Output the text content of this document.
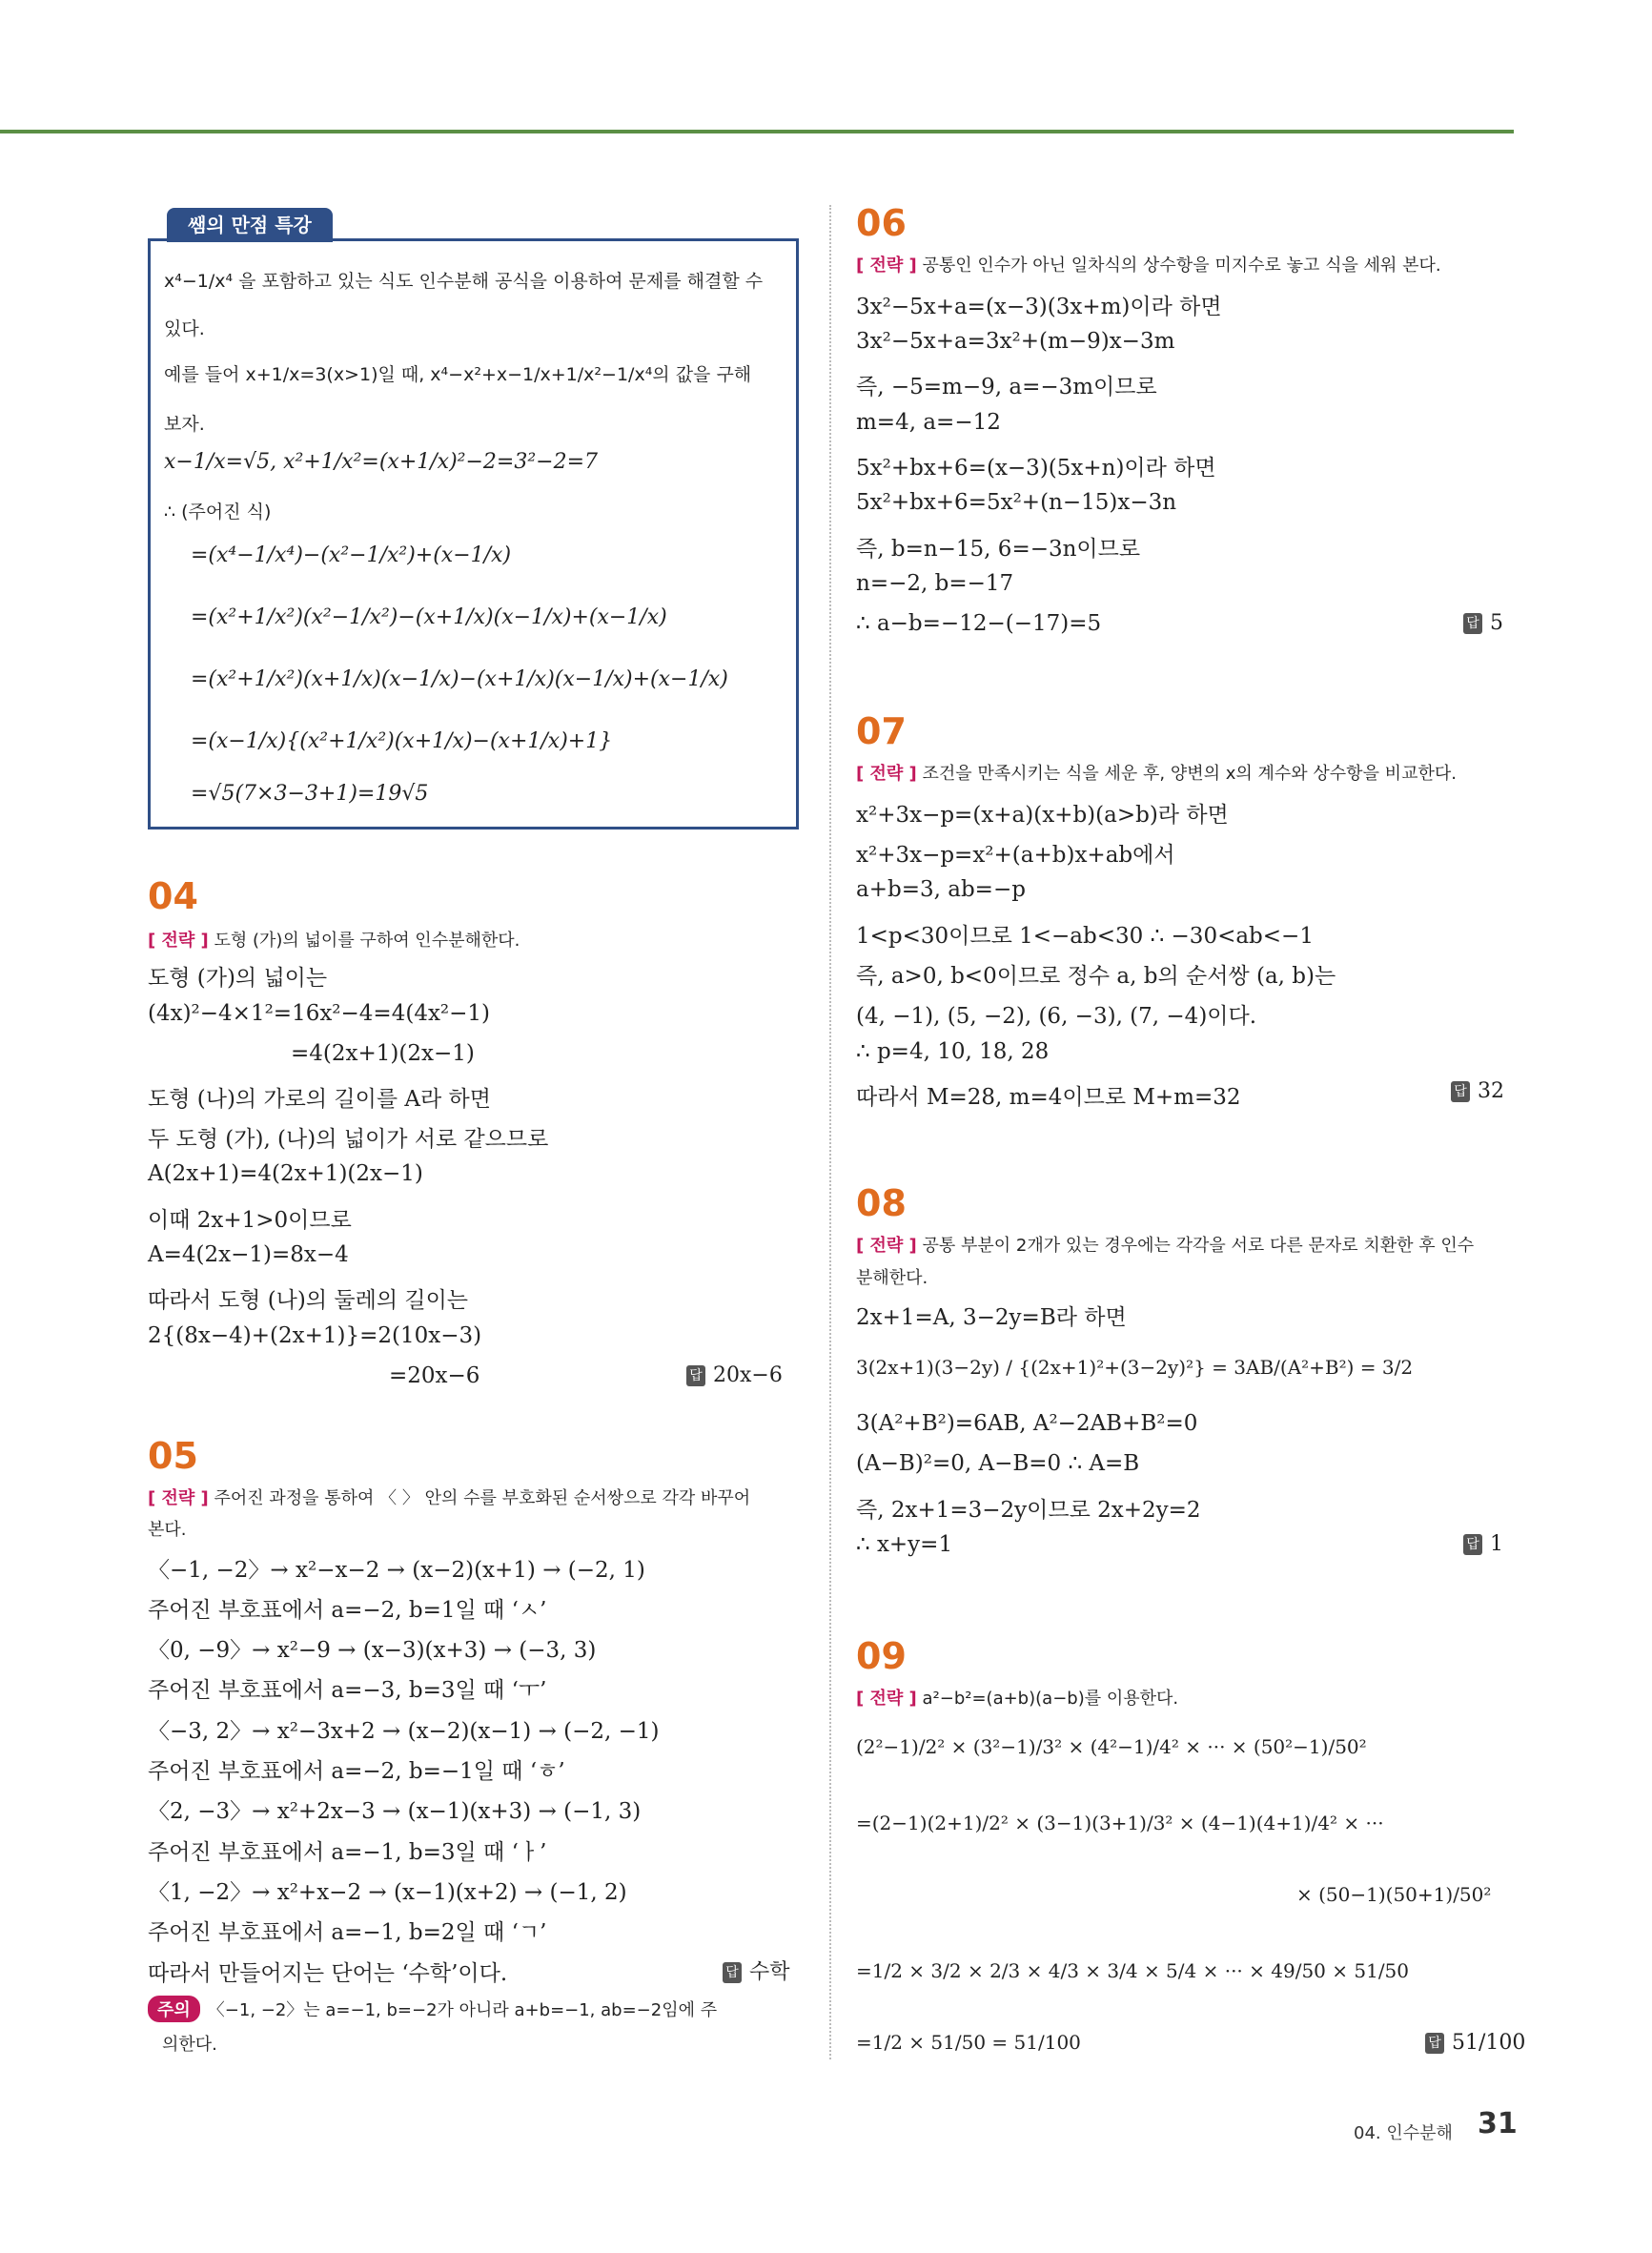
쌤의 만점 특강
x⁴−1/x⁴ 을 포함하고 있는 식도 인수분해 공식을 이용하여 문제를 해결할 수
있다.
예를 들어 x+1/x=3(x>1)일 때, x⁴−x²+x−1/x+1/x²−1/x⁴의 값을 구해
보자.
x−1/x=√5, x²+1/x²=(x+1/x)²−2=3²−2=7
∴ (주어진 식)
=(x⁴−1/x⁴)−(x²−1/x²)+(x−1/x)
=(x²+1/x²)(x²−1/x²)−(x+1/x)(x−1/x)+(x−1/x)
=(x²+1/x²)(x+1/x)(x−1/x)−(x+1/x)(x−1/x)+(x−1/x)
=(x−1/x){(x²+1/x²)(x+1/x)−(x+1/x)+1}
=√5(7×3−3+1)=19√5
04
[ 전략 ] 도형 (가)의 넓이를 구하여 인수분해한다.
도형 (가)의 넓이는
(4x)²−4×1²=16x²−4=4(4x²−1)
=4(2x+1)(2x−1)
도형 (나)의 가로의 길이를 A라 하면
두 도형 (가), (나)의 넓이가 서로 같으므로
A(2x+1)=4(2x+1)(2x−1)
이때 2x+1>0이므로
A=4(2x−1)=8x−4
따라서 도형 (나)의 둘레의 길이는
2{(8x−4)+(2x+1)}=2(10x−3)
=20x−6	답 20x−6
05
[ 전략 ] 주어진 과정을 통하여 〈 〉 안의 수를 부호화된 순서쌍으로 각각 바꾸어
본다.
〈−1, −2〉→ x²−x−2 → (x−2)(x+1) → (−2, 1)
주어진 부호표에서 a=−2, b=1일 때 ‘ㅅ’
〈0, −9〉→ x²−9 → (x−3)(x+3) → (−3, 3)
주어진 부호표에서 a=−3, b=3일 때 ‘ㅜ’
〈−3, 2〉→ x²−3x+2 → (x−2)(x−1) → (−2, −1)
주어진 부호표에서 a=−2, b=−1일 때 ‘ㅎ’
〈2, −3〉→ x²+2x−3 → (x−1)(x+3) → (−1, 3)
주어진 부호표에서 a=−1, b=3일 때 ‘ㅏ’
〈1, −2〉→ x²+x−2 → (x−1)(x+2) → (−1, 2)
주어진 부호표에서 a=−1, b=2일 때 ‘ㄱ’
따라서 만들어지는 단어는 ‘수학’이다.	답 수학
주의 〈−1, −2〉는 a=−1, b=−2가 아니라 a+b=−1, ab=−2임에 주
의한다.
06
[ 전략 ] 공통인 인수가 아닌 일차식의 상수항을 미지수로 놓고 식을 세워 본다.
3x²−5x+a=(x−3)(3x+m)이라 하면
3x²−5x+a=3x²+(m−9)x−3m
즉, −5=m−9, a=−3m이므로
m=4, a=−12
5x²+bx+6=(x−3)(5x+n)이라 하면
5x²+bx+6=5x²+(n−15)x−3n
즉, b=n−15, 6=−3n이므로
n=−2, b=−17
∴ a−b=−12−(−17)=5	답 5
07
[ 전략 ] 조건을 만족시키는 식을 세운 후, 양변의 x의 계수와 상수항을 비교한다.
x²+3x−p=(x+a)(x+b)(a>b)라 하면
x²+3x−p=x²+(a+b)x+ab에서
a+b=3, ab=−p
1<p<30이므로 1<−ab<30 ∴ −30<ab<−1
즉, a>0, b<0이므로 정수 a, b의 순서쌍 (a, b)는
(4, −1), (5, −2), (6, −3), (7, −4)이다.
∴ p=4, 10, 18, 28
따라서 M=28, m=4이므로 M+m=32	답 32
08
[ 전략 ] 공통 부분이 2개가 있는 경우에는 각각을 서로 다른 문자로 치환한 후 인수
분해한다.
2x+1=A, 3−2y=B라 하면
3(2x+1)(3−2y) / {(2x+1)²+(3−2y)²} = 3AB/(A²+B²) = 3/2
3(A²+B²)=6AB, A²−2AB+B²=0
(A−B)²=0, A−B=0 ∴ A=B
즉, 2x+1=3−2y이므로 2x+2y=2
∴ x+y=1	답 1
09
[ 전략 ] a²−b²=(a+b)(a−b)를 이용한다.
(2²−1)/2² × (3²−1)/3² × (4²−1)/4² × ··· × (50²−1)/50²
=(2−1)(2+1)/2² × (3−1)(3+1)/3² × (4−1)(4+1)/4² × ···
× (50−1)(50+1)/50²
=1/2 × 3/2 × 2/3 × 4/3 × 3/4 × 5/4 × ··· × 49/50 × 51/50
=1/2 × 51/50 = 51/100	답 51/100
04. 인수분해 31
